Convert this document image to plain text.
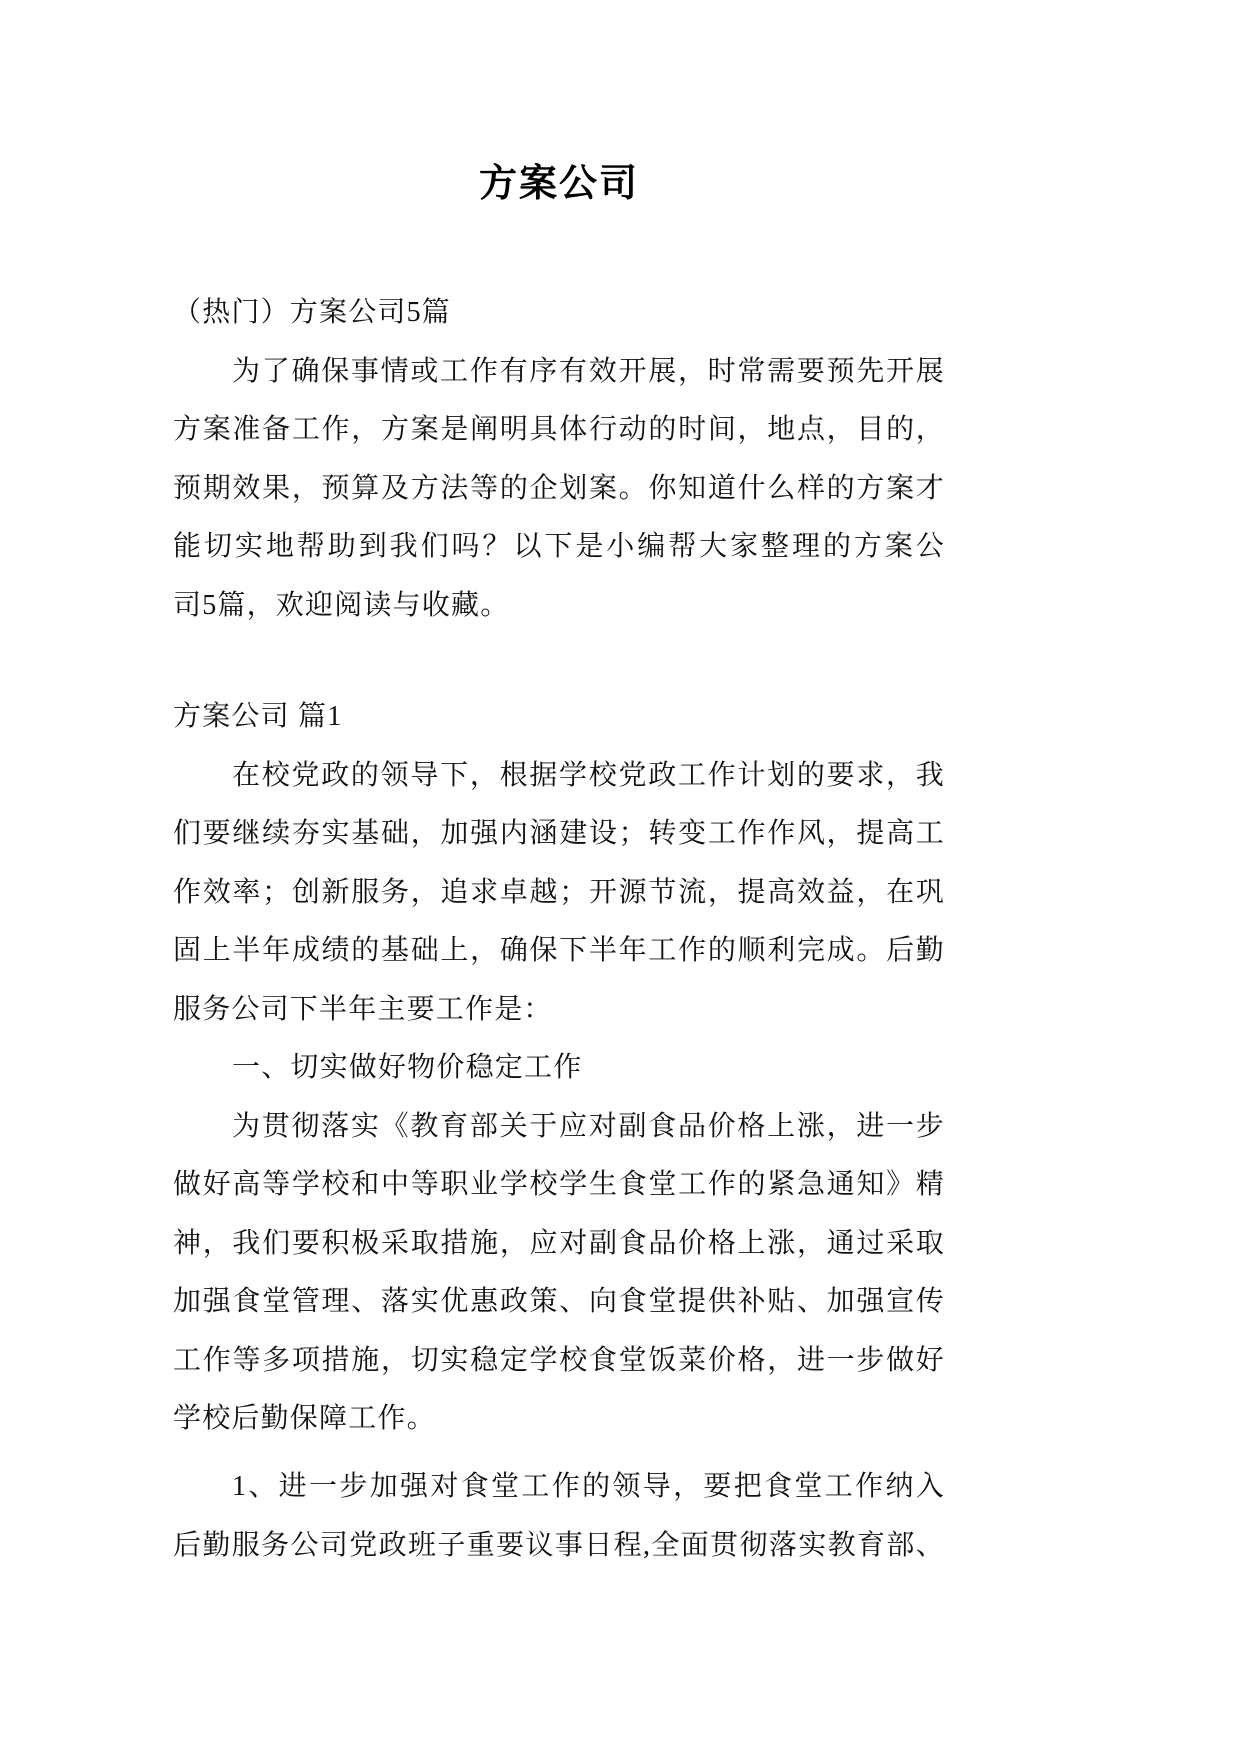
方案公司
（热门）方案公司5篇
为了确保事情或工作有序有效开展，时常需要预先开展
方案准备工作，方案是阐明具体行动的时间，地点，目的，
预期效果，预算及方法等的企划案。你知道什么样的方案才
能切实地帮助到我们吗？以下是小编帮大家整理的方案公
司5篇，欢迎阅读与收藏。
方案公司 篇1
在校党政的领导下，根据学校党政工作计划的要求，我
们要继续夯实基础，加强内涵建设；转变工作作风，提高工
作效率；创新服务，追求卓越；开源节流，提高效益，在巩
固上半年成绩的基础上，确保下半年工作的顺利完成。后勤
服务公司下半年主要工作是：
一、切实做好物价稳定工作
为贯彻落实《教育部关于应对副食品价格上涨，进一步
做好高等学校和中等职业学校学生食堂工作的紧急通知》精
神，我们要积极采取措施，应对副食品价格上涨，通过采取
加强食堂管理、落实优惠政策、向食堂提供补贴、加强宣传
工作等多项措施，切实稳定学校食堂饭菜价格，进一步做好
学校后勤保障工作。
1、进一步加强对食堂工作的领导，要把食堂工作纳入
后勤服务公司党政班子重要议事日程,全面贯彻落实教育部、
